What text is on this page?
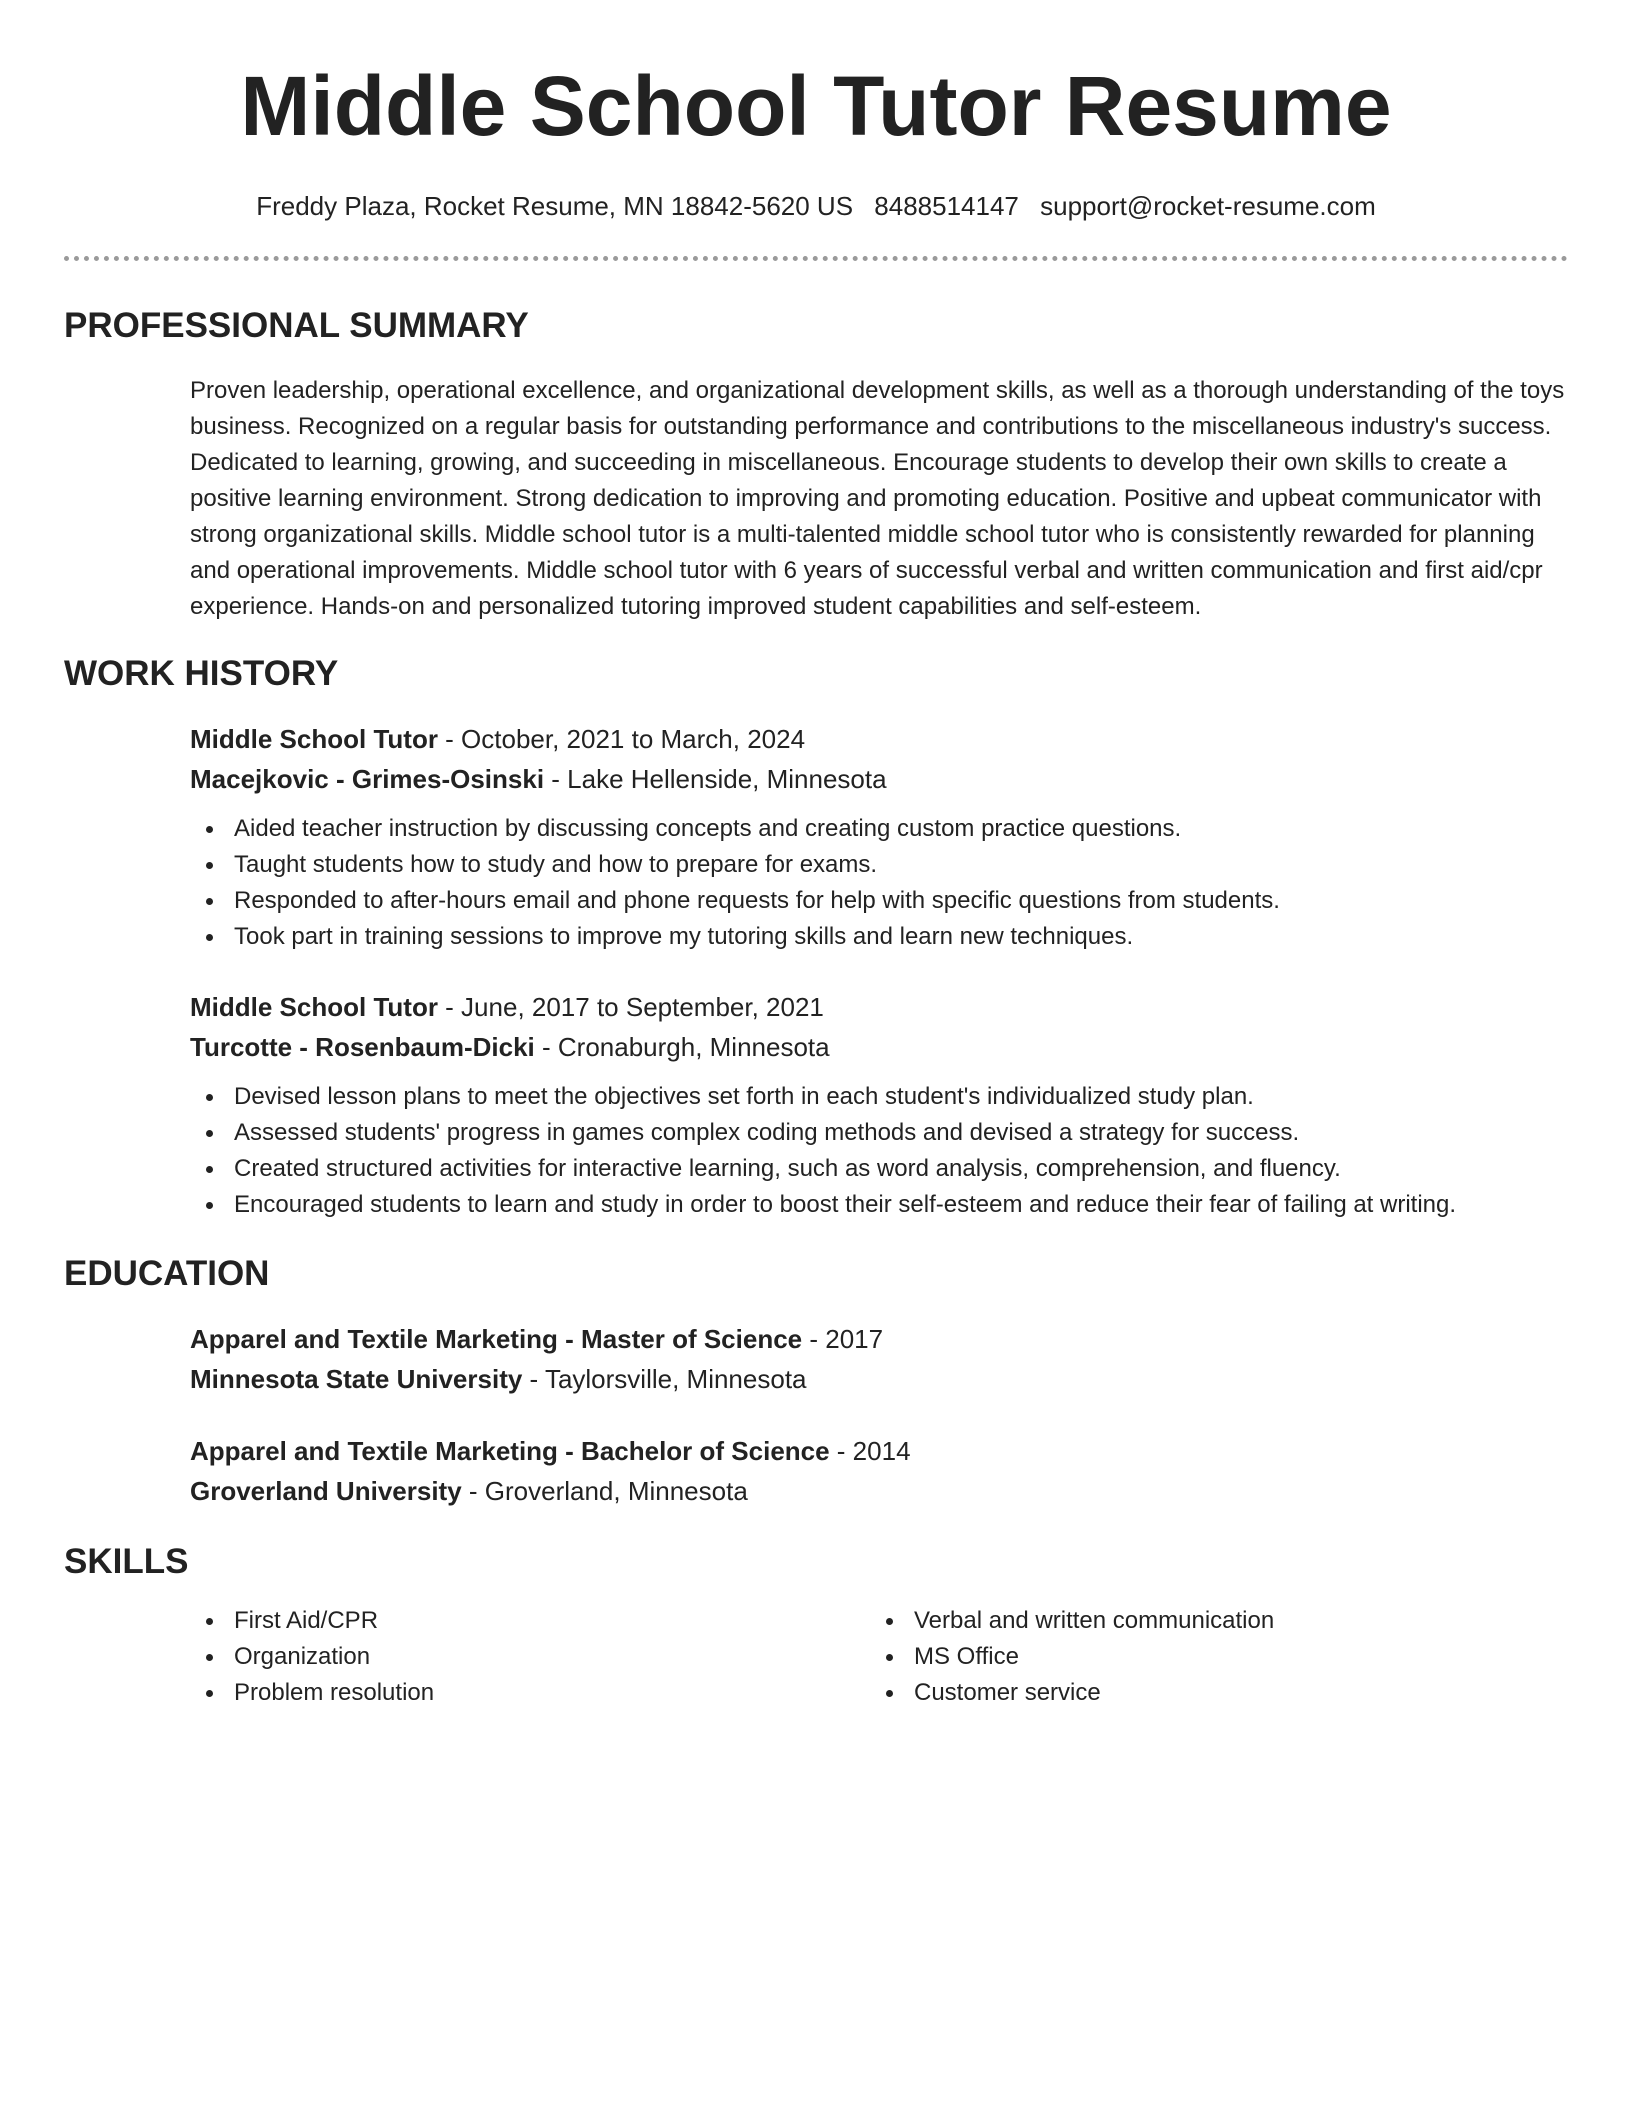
Middle School Tutor Resume
Freddy Plaza, Rocket Resume, MN 18842-5620 US 8488514147 support@rocket-resume.com
PROFESSIONAL SUMMARY

Proven leadership, operational excellence, and organizational development skills, as well as a thorough understanding of the toys business. Recognized on a regular basis for outstanding performance and contributions to the miscellaneous industry's success. Dedicated to learning, growing, and succeeding in miscellaneous. Encourage students to develop their own skills to create a positive learning environment. Strong dedication to improving and promoting education. Positive and upbeat communicator with strong organizational skills. Middle school tutor is a multi-talented middle school tutor who is consistently rewarded for planning and operational improvements. Middle school tutor with 6 years of successful verbal and written communication and first aid/cpr experience. Hands-on and personalized tutoring improved student capabilities and self-esteem.

WORK HISTORY
Middle School Tutor - October, 2021 to March, 2024
Macejkovic - Grimes-Osinski - Lake Hellenside, Minnesota
Aided teacher instruction by discussing concepts and creating custom practice questions.
Taught students how to study and how to prepare for exams.
Responded to after-hours email and phone requests for help with specific questions from students.
Took part in training sessions to improve my tutoring skills and learn new techniques.
Middle School Tutor - June, 2017 to September, 2021
Turcotte - Rosenbaum-Dicki - Cronaburgh, Minnesota
Devised lesson plans to meet the objectives set forth in each student's individualized study plan.
Assessed students' progress in games complex coding methods and devised a strategy for success.
Created structured activities for interactive learning, such as word analysis, comprehension, and fluency.
Encouraged students to learn and study in order to boost their self-esteem and reduce their fear of failing at writing.
EDUCATION
Apparel and Textile Marketing - Master of Science - 2017
Minnesota State University - Taylorsville, Minnesota
Apparel and Textile Marketing - Bachelor of Science - 2014
Groverland University - Groverland, Minnesota
SKILLS
First Aid/CPR
Organization
Problem resolution
Verbal and written communication
MS Office
Customer service
